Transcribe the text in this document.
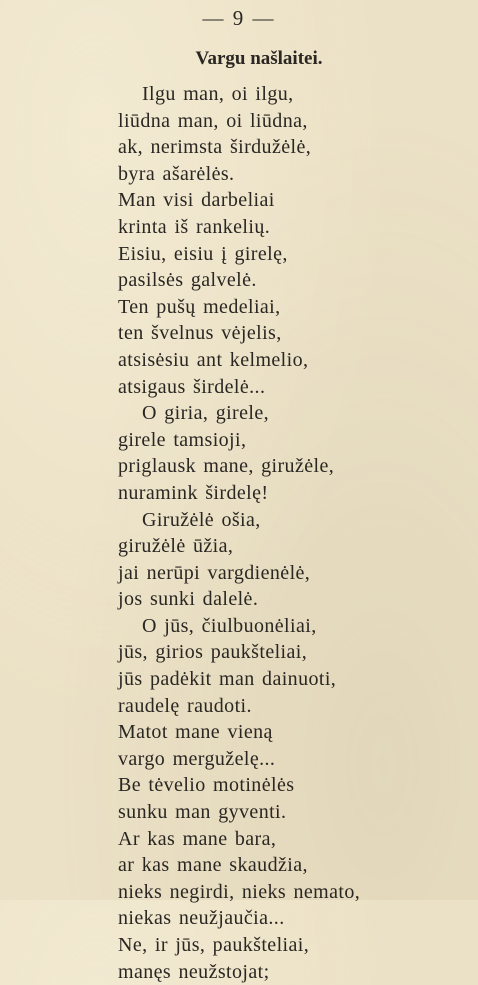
— 9 —
Vargu našlaitei.
Ilgu man, oi ilgu,
liūdna man, oi liūdna,
ak, nerimsta širdužėlė,
byra ašarėlės.
Man visi darbeliai
krinta iš rankelių.
Eisiu, eisiu į girelę,
pasilsės galvelė.
Ten pušų medeliai,
ten švelnus vėjelis,
atsisėsiu ant kelmelio,
atsigaus širdelė...
O giria, girele,
girele tamsioji,
priglausk mane, giružėle,
nuramink širdelę!
Giružėlė ošia,
giružėlė ūžia,
jai nerūpi vargdienėlė,
jos sunki dalelė.
O jūs, čiulbuonėliai,
jūs, girios paukšteliai,
jūs padėkit man dainuoti,
raudelę raudoti.
Matot mane vieną
vargo merguželę...
Be tėvelio motinėlės
sunku man gyventi.
Ar kas mane bara,
ar kas mane skaudžia,
nieks negirdi, nieks nemato,
niekas neužjaučia...
Ne, ir jūs, paukšteliai,
manęs neužstojat;
